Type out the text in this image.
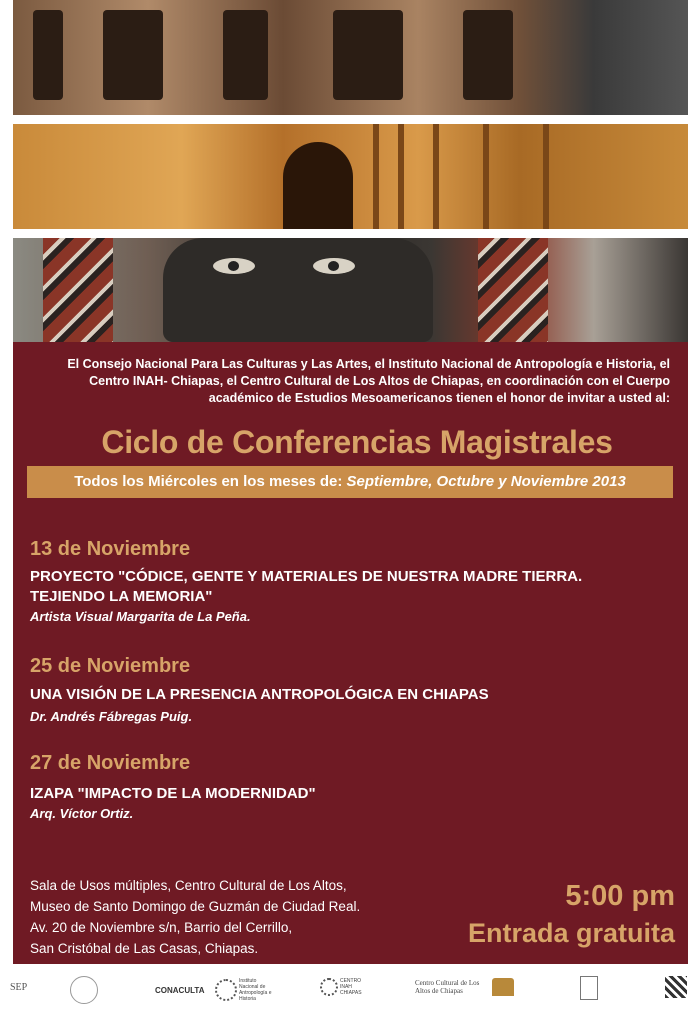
El Consejo Nacional Para Las Culturas y Las Artes, el Instituto Nacional de Antropología e Historia, el Centro INAH- Chiapas, el Centro Cultural de Los Altos de Chiapas, en coordinación con el Cuerpo académico de Estudios Mesoamericanos tienen el honor de invitar a usted al:
Ciclo de Conferencias Magistrales
Todos los Miércoles en los meses de: Septiembre, Octubre y Noviembre 2013
13 de Noviembre
PROYECTO "CÓDICE, GENTE Y MATERIALES DE NUESTRA MADRE TIERRA.
TEJIENDO LA MEMORIA"
Artista Visual Margarita de La Peña.
25 de Noviembre
UNA VISIÓN DE LA PRESENCIA ANTROPOLÓGICA EN CHIAPAS
Dr. Andrés Fábregas Puig.
27 de Noviembre
IZAPA "IMPACTO DE LA MODERNIDAD"
Arq. Víctor Ortiz.
Sala de Usos múltiples, Centro Cultural de Los Altos,
Museo de Santo Domingo de Guzmán de Ciudad Real.
Av. 20 de Noviembre s/n, Barrio del Cerrillo,
San Cristóbal de Las Casas, Chiapas.
5:00 pm
Entrada gratuita
SEP	CONACULTA
Instituto Nacional de Antropología e Historia
CENTRO INAH CHIAPAS
Centro Cultural de Los Altos de Chiapas
